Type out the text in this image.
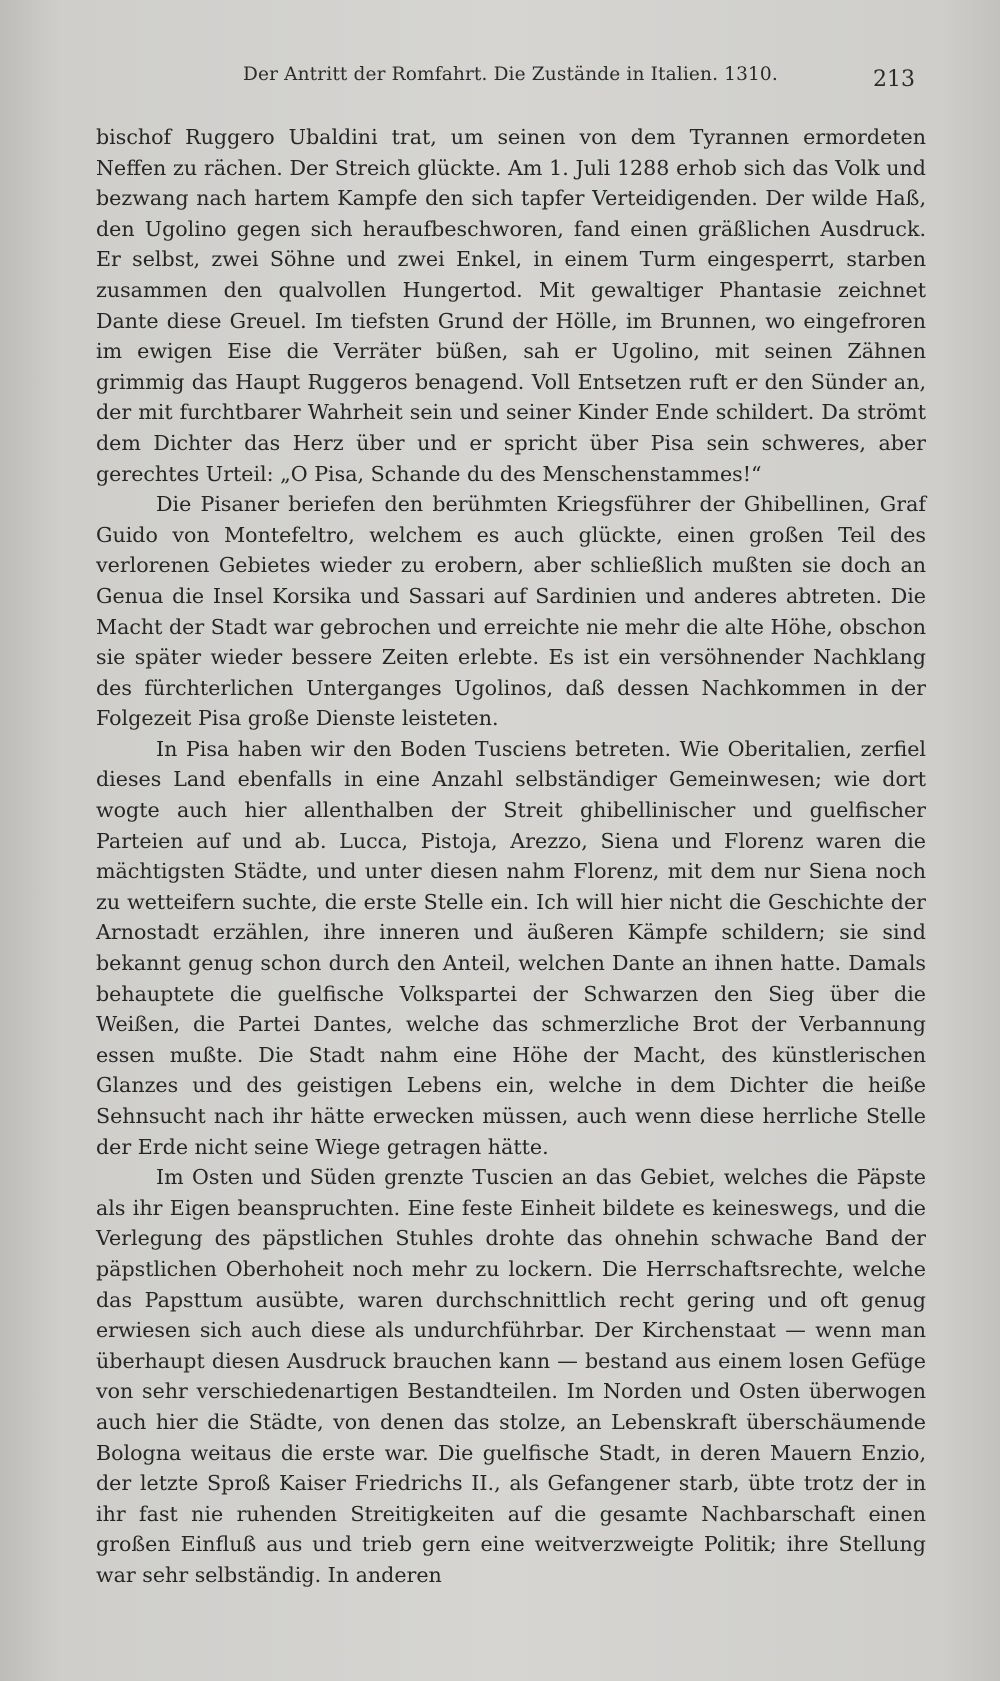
Der Antritt der Romfahrt. Die Zustände in Italien. 1310.	213

bischof Ruggero Ubaldini trat, um seinen von dem Tyrannen ermordeten Neffen zu rächen. Der Streich glückte. Am 1. Juli 1288 erhob sich das Volk und bezwang nach hartem Kampfe den sich tapfer Verteidigenden. Der wilde Haß, den Ugolino gegen sich heraufbeschworen, fand einen gräßlichen Ausdruck. Er selbst, zwei Söhne und zwei Enkel, in einem Turm eingesperrt, starben zusammen den qualvollen Hungertod. Mit gewaltiger Phantasie zeichnet Dante diese Greuel. Im tiefsten Grund der Hölle, im Brunnen, wo eingefroren im ewigen Eise die Verräter büßen, sah er Ugolino, mit seinen Zähnen grimmig das Haupt Ruggeros benagend. Voll Entsetzen ruft er den Sünder an, der mit furchtbarer Wahrheit sein und seiner Kinder Ende schildert. Da strömt dem Dichter das Herz über und er spricht über Pisa sein schweres, aber gerechtes Urteil: „O Pisa, Schande du des Menschenstammes!“

Die Pisaner beriefen den berühmten Kriegsführer der Ghibellinen, Graf Guido von Montefeltro, welchem es auch glückte, einen großen Teil des verlorenen Gebietes wieder zu erobern, aber schließlich mußten sie doch an Genua die Insel Korsika und Sassari auf Sardinien und anderes abtreten. Die Macht der Stadt war gebrochen und erreichte nie mehr die alte Höhe, obschon sie später wieder bessere Zeiten erlebte. Es ist ein versöhnender Nachklang des fürchterlichen Unterganges Ugolinos, daß dessen Nachkommen in der Folgezeit Pisa große Dienste leisteten.

In Pisa haben wir den Boden Tusciens betreten. Wie Oberitalien, zerfiel dieses Land ebenfalls in eine Anzahl selbständiger Gemeinwesen; wie dort wogte auch hier allenthalben der Streit ghibellinischer und guelfischer Parteien auf und ab. Lucca, Pistoja, Arezzo, Siena und Florenz waren die mächtigsten Städte, und unter diesen nahm Florenz, mit dem nur Siena noch zu wetteifern suchte, die erste Stelle ein. Ich will hier nicht die Geschichte der Arnostadt erzählen, ihre inneren und äußeren Kämpfe schildern; sie sind bekannt genug schon durch den Anteil, welchen Dante an ihnen hatte. Damals behauptete die guelfische Volkspartei der Schwarzen den Sieg über die Weißen, die Partei Dantes, welche das schmerzliche Brot der Verbannung essen mußte. Die Stadt nahm eine Höhe der Macht, des künstlerischen Glanzes und des geistigen Lebens ein, welche in dem Dichter die heiße Sehnsucht nach ihr hätte erwecken müssen, auch wenn diese herrliche Stelle der Erde nicht seine Wiege getragen hätte.

Im Osten und Süden grenzte Tuscien an das Gebiet, welches die Päpste als ihr Eigen beanspruchten. Eine feste Einheit bildete es keineswegs, und die Verlegung des päpstlichen Stuhles drohte das ohnehin schwache Band der päpstlichen Oberhoheit noch mehr zu lockern. Die Herrschaftsrechte, welche das Papsttum ausübte, waren durchschnittlich recht gering und oft genug erwiesen sich auch diese als undurchführbar. Der Kirchenstaat — wenn man überhaupt diesen Ausdruck brauchen kann — bestand aus einem losen Gefüge von sehr verschiedenartigen Bestandteilen. Im Norden und Osten überwogen auch hier die Städte, von denen das stolze, an Lebenskraft überschäumende Bologna weitaus die erste war. Die guelfische Stadt, in deren Mauern Enzio, der letzte Sproß Kaiser Friedrichs II., als Gefangener starb, übte trotz der in ihr fast nie ruhenden Streitigkeiten auf die gesamte Nachbarschaft einen großen Einfluß aus und trieb gern eine weitverzweigte Politik; ihre Stellung war sehr selbständig. In anderen
